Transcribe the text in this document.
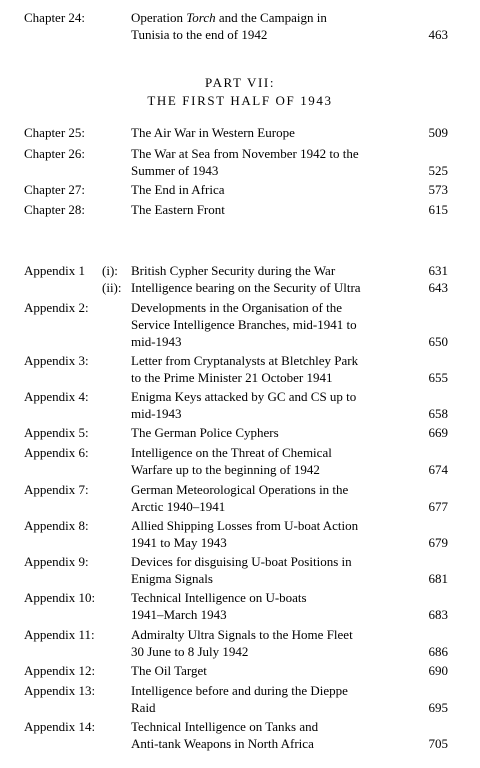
Chapter 24:	Operation Torch and the Campaign in
Tunisia to the end of 1942	463
PART VII:
THE FIRST HALF OF 1943
Chapter 25:	The Air War in Western Europe	509
Chapter 26:	The War at Sea from November 1942 to the
Summer of 1943	525
Chapter 27:	The End in Africa	573
Chapter 28:	The Eastern Front	615
Appendix 1 (i): British Cypher Security during the War	631
(ii): Intelligence bearing on the Security of Ultra	643
Appendix 2:	Developments in the Organisation of the
Service Intelligence Branches, mid-1941 to
mid-1943	650
Appendix 3:	Letter from Cryptanalysts at Bletchley Park
to the Prime Minister 21 October 1941	655
Appendix 4:	Enigma Keys attacked by GC and CS up to
mid-1943	658
Appendix 5:	The German Police Cyphers	669
Appendix 6:	Intelligence on the Threat of Chemical
Warfare up to the beginning of 1942	674
Appendix 7:	German Meteorological Operations in the
Arctic 1940–1941	677
Appendix 8:	Allied Shipping Losses from U-boat Action
1941 to May 1943	679
Appendix 9:	Devices for disguising U-boat Positions in
Enigma Signals	681
Appendix 10:	Technical Intelligence on U-boats
1941–March 1943	683
Appendix 11:	Admiralty Ultra Signals to the Home Fleet
30 June to 8 July 1942	686
Appendix 12:	The Oil Target	690
Appendix 13:	Intelligence before and during the Dieppe
Raid	695
Appendix 14:	Technical Intelligence on Tanks and
Anti-tank Weapons in North Africa	705
